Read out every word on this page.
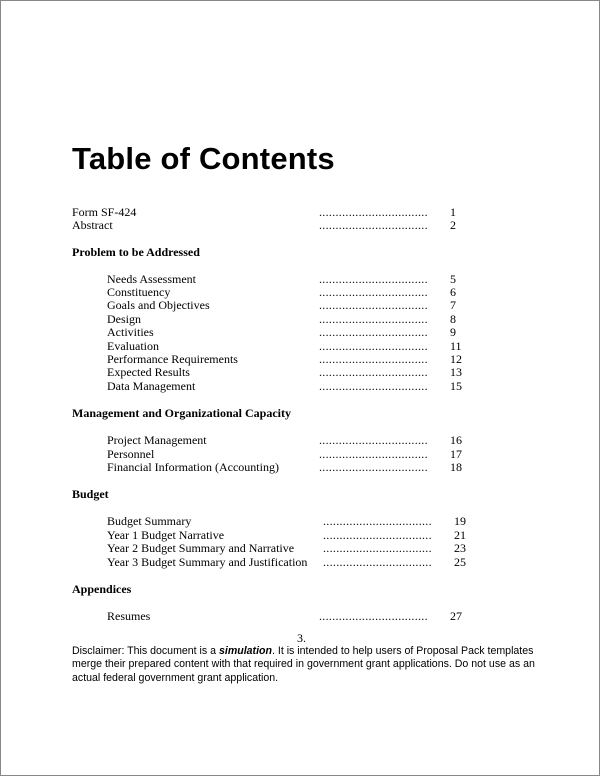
Table of Contents
Form SF-424	................................. 1
Abstract	................................. 2
Problem to be Addressed
Needs Assessment	................................. 5
Constituency	................................. 6
Goals and Objectives	................................. 7
Design	................................. 8
Activities	................................. 9
Evaluation	................................. 11
Performance Requirements	................................. 12
Expected Results	................................. 13
Data Management	................................. 15
Management and Organizational Capacity
Project Management	................................. 16
Personnel	................................. 17
Financial Information (Accounting)	................................. 18
Budget
Budget Summary	................................. 19
Year 1 Budget Narrative	................................. 21
Year 2 Budget Summary and Narrative ................................. 23
Year 3 Budget Summary and Justification ................................. 25
Appendices
Resumes	................................. 27
3.
Disclaimer: This document is a simulation. It is intended to help users of Proposal Pack templates merge their prepared content with that required in government grant applications. Do not use as an actual federal government grant application.
